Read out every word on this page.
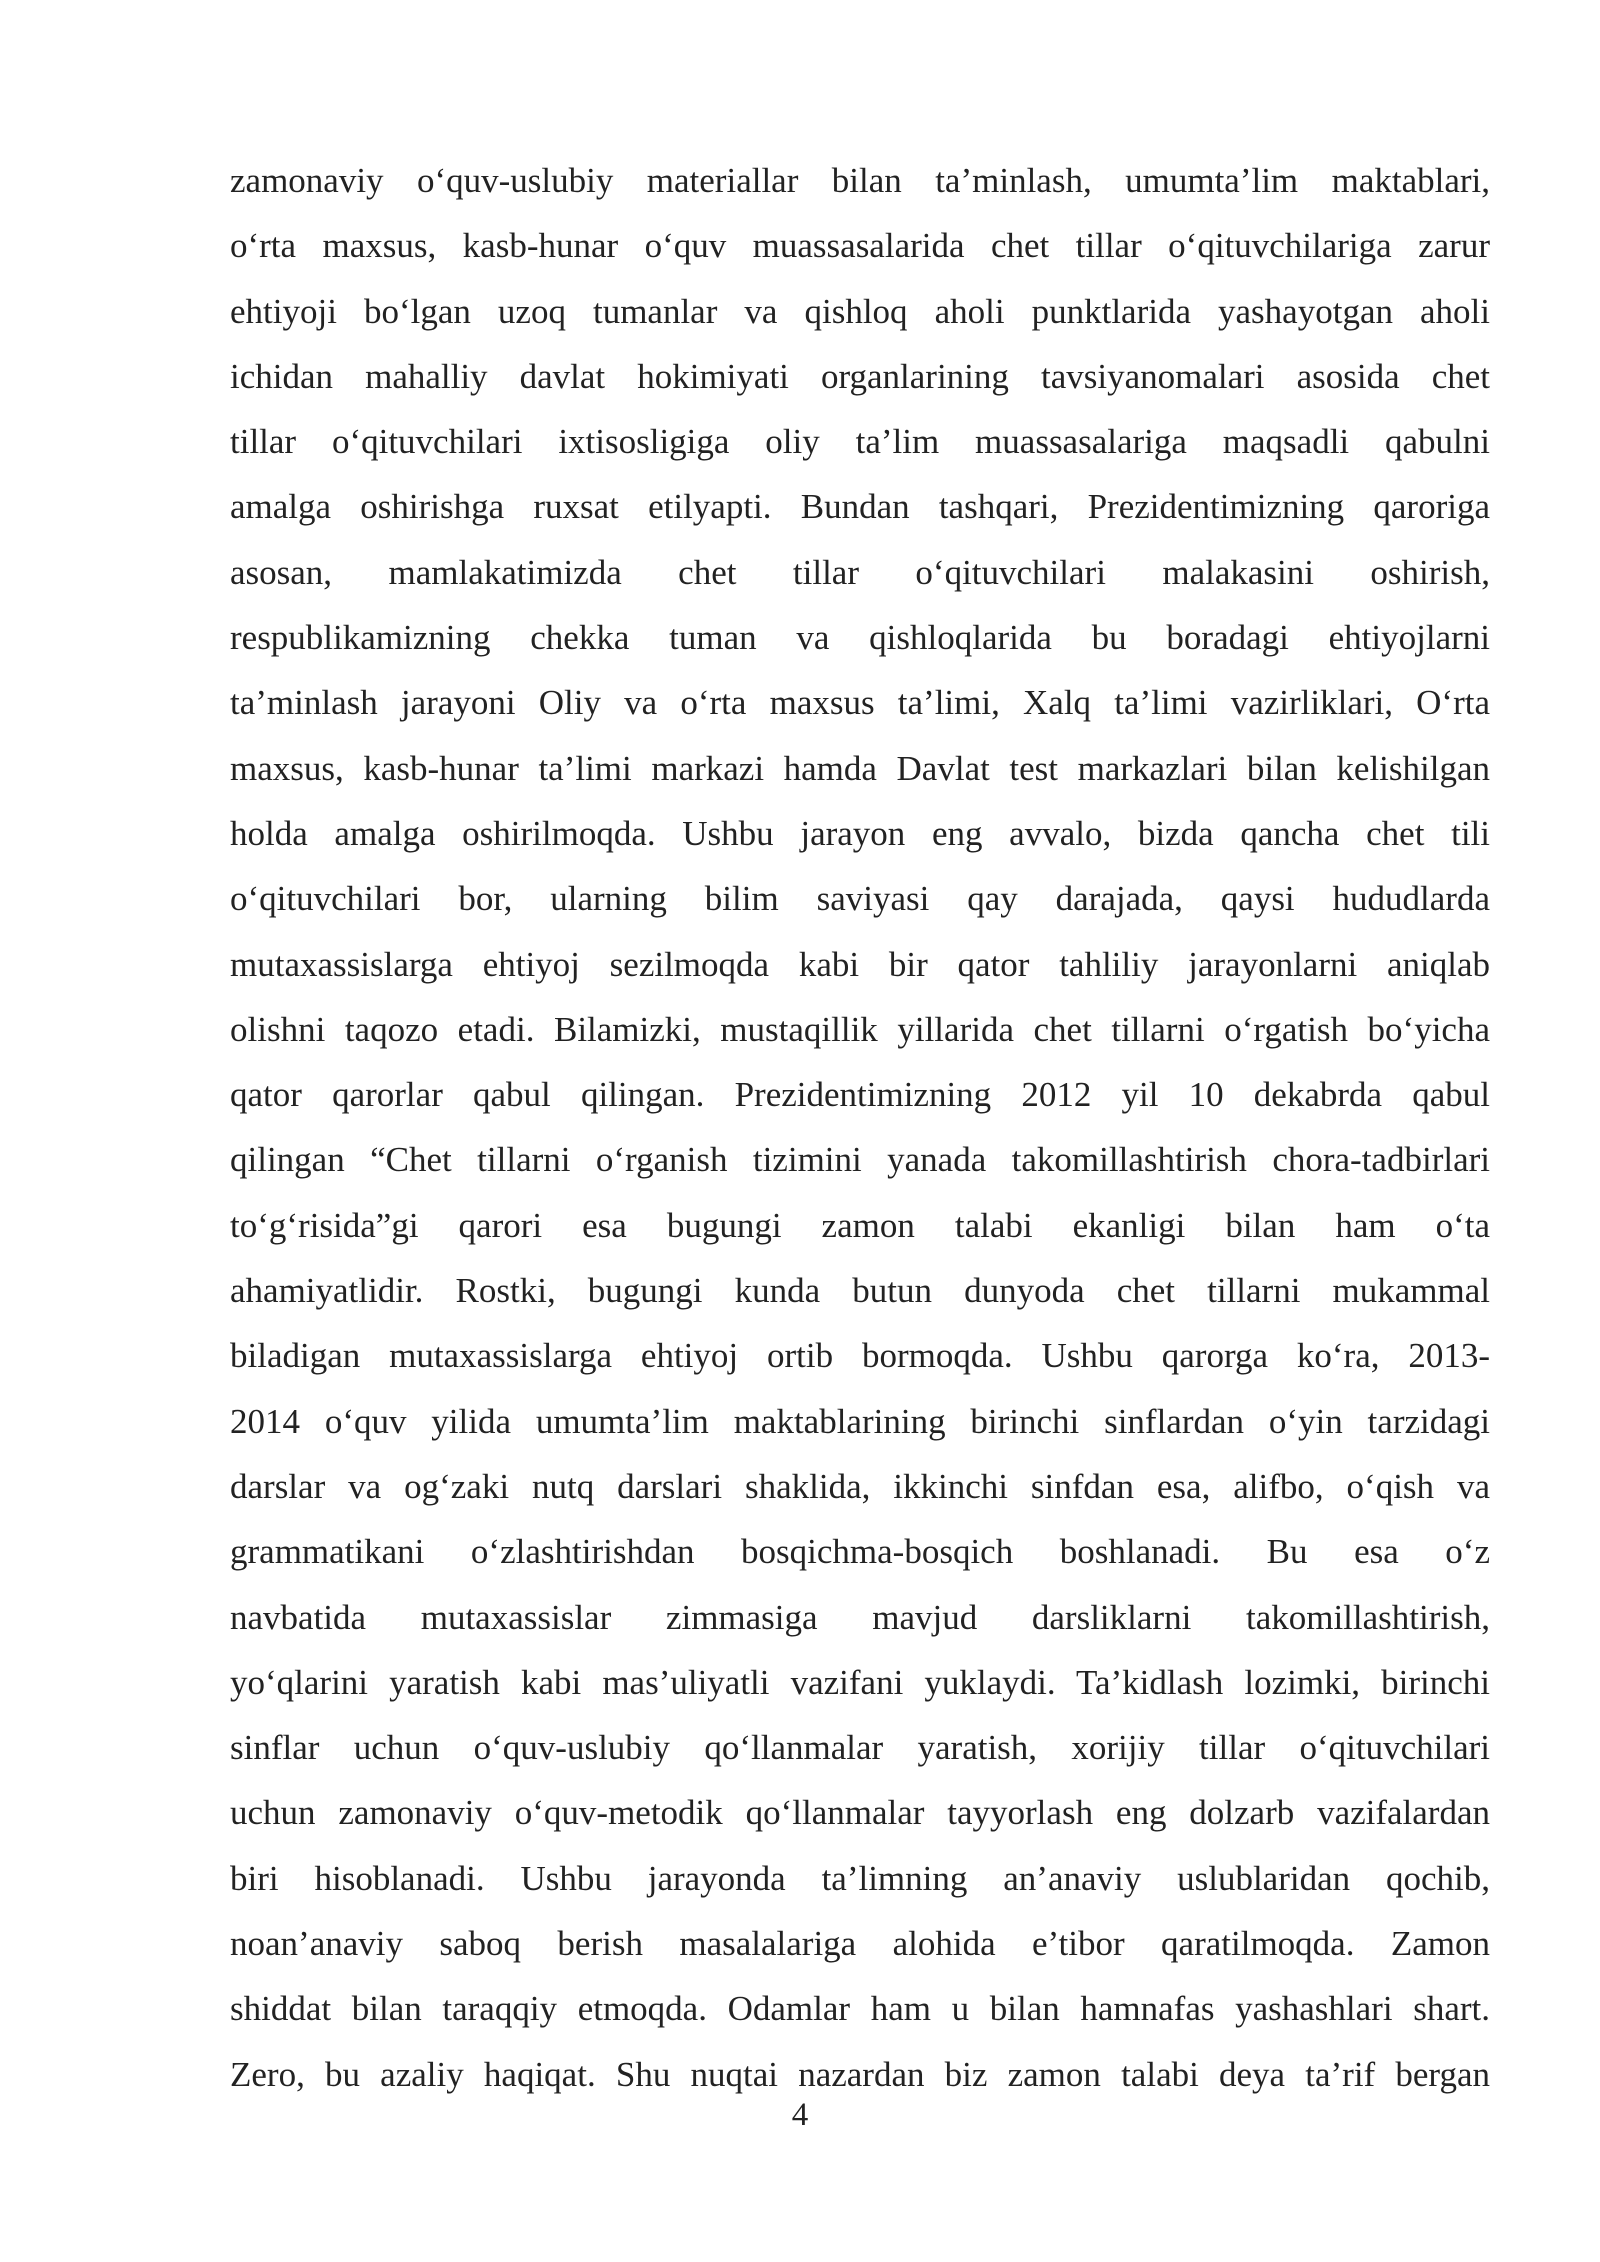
zamonaviy o‘quv-uslubiy materiallar bilan ta’minlash, umumta’lim maktablari,
o‘rta maxsus, kasb-hunar o‘quv muassasalarida chet tillar o‘qituvchilariga zarur
ehtiyoji bo‘lgan uzoq tumanlar va qishloq aholi punktlarida yashayotgan aholi
ichidan mahalliy davlat hokimiyati organlarining tavsiyanomalari asosida chet
tillar o‘qituvchilari ixtisosligiga oliy ta’lim muassasalariga maqsadli qabulni
amalga oshirishga ruxsat etilyapti. Bundan tashqari, Prezidentimizning qaroriga
asosan, mamlakatimizda chet tillar o‘qituvchilari malakasini oshirish,
respublikamizning chekka tuman va qishloqlarida bu boradagi ehtiyojlarni
ta’minlash jarayoni Oliy va o‘rta maxsus ta’limi, Xalq ta’limi vazirliklari, O‘rta
maxsus, kasb-hunar ta’limi markazi hamda Davlat test markazlari bilan kelishilgan
holda amalga oshirilmoqda. Ushbu jarayon eng avvalo, bizda qancha chet tili
o‘qituvchilari bor, ularning bilim saviyasi qay darajada, qaysi hududlarda
mutaxassislarga ehtiyoj sezilmoqda kabi bir qator tahliliy jarayonlarni aniqlab
olishni taqozo etadi. Bilamizki, mustaqillik yillarida chet tillarni o‘rgatish bo‘yicha
qator qarorlar qabul qilingan. Prezidentimizning 2012 yil 10 dekabrda qabul
qilingan “Chet tillarni o‘rganish tizimini yanada takomillashtirish chora-tadbirlari
to‘g‘risida”gi qarori esa bugungi zamon talabi ekanligi bilan ham o‘ta
ahamiyatlidir. Rostki, bugungi kunda butun dunyoda chet tillarni mukammal
biladigan mutaxassislarga ehtiyoj ortib bormoqda. Ushbu qarorga ko‘ra, 2013-
2014 o‘quv yilida umumta’lim maktablarining birinchi sinflardan o‘yin tarzidagi
darslar va og‘zaki nutq darslari shaklida, ikkinchi sinfdan esa, alifbo, o‘qish va
grammatikani o‘zlashtirishdan bosqichma-bosqich boshlanadi. Bu esa o‘z
navbatida mutaxassislar zimmasiga mavjud darsliklarni takomillashtirish,
yo‘qlarini yaratish kabi mas’uliyatli vazifani yuklaydi. Ta’kidlash lozimki, birinchi
sinflar uchun o‘quv-uslubiy qo‘llanmalar yaratish, xorijiy tillar o‘qituvchilari
uchun zamonaviy o‘quv-metodik qo‘llanmalar tayyorlash eng dolzarb vazifalardan
biri hisoblanadi. Ushbu jarayonda ta’limning an’anaviy uslublaridan qochib,
noan’anaviy saboq berish masalalariga alohida e’tibor qaratilmoqda. Zamon
shiddat bilan taraqqiy etmoqda. Odamlar ham u bilan hamnafas yashashlari shart.
Zero, bu azaliy haqiqat. Shu nuqtai nazardan biz zamon talabi deya ta’rif bergan
4
